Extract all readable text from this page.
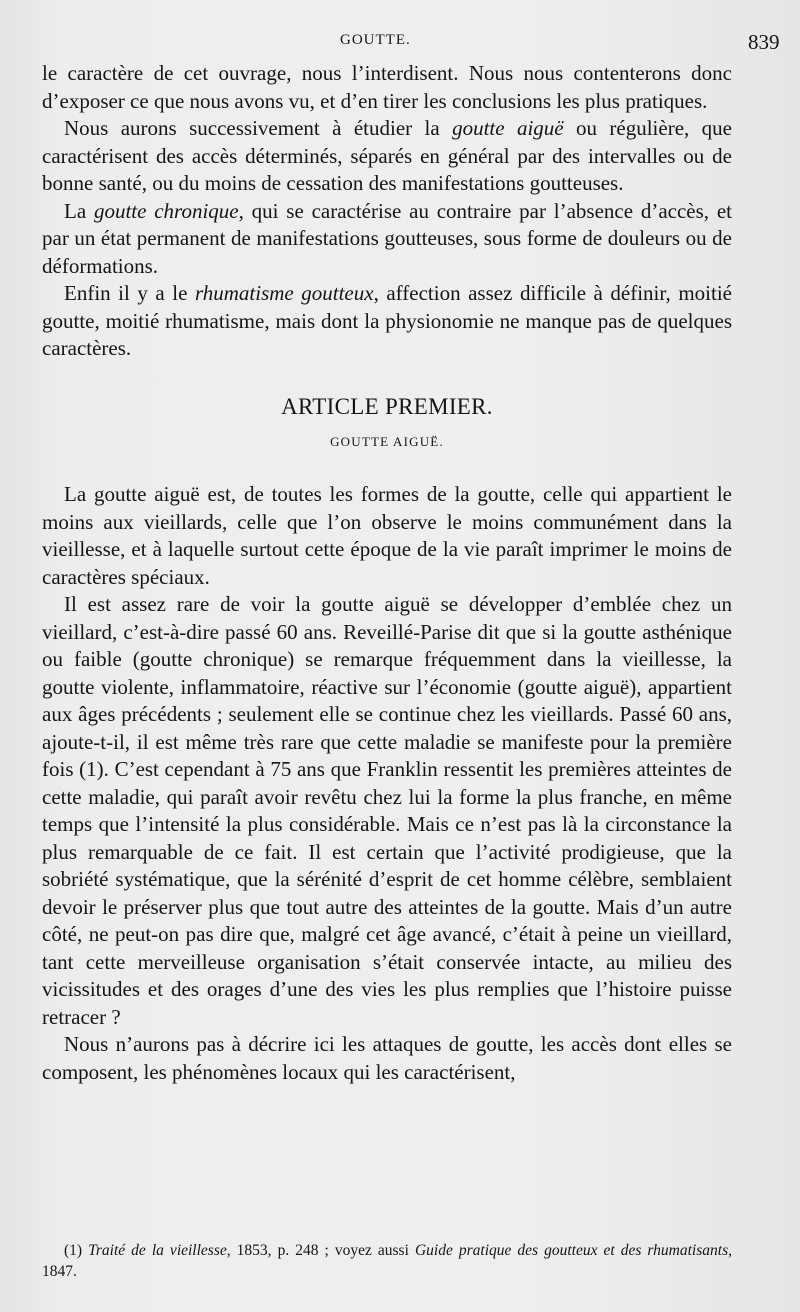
GOUTTE.	839

le caractère de cet ouvrage, nous l’interdisent. Nous nous contenterons donc d’exposer ce que nous avons vu, et d’en tirer les conclusions les plus pratiques.

Nous aurons successivement à étudier la goutte aiguë ou régulière, que caractérisent des accès déterminés, séparés en général par des intervalles ou de bonne santé, ou du moins de cessation des manifestations goutteuses.

La goutte chronique, qui se caractérise au contraire par l’absence d’accès, et par un état permanent de manifestations goutteuses, sous forme de douleurs ou de déformations.

Enfin il y a le rhumatisme goutteux, affection assez difficile à définir, moitié goutte, moitié rhumatisme, mais dont la physionomie ne manque pas de quelques caractères.

ARTICLE PREMIER.
GOUTTE AIGUË.

La goutte aiguë est, de toutes les formes de la goutte, celle qui appartient le moins aux vieillards, celle que l’on observe le moins communément dans la vieillesse, et à laquelle surtout cette époque de la vie paraît imprimer le moins de caractères spéciaux.

Il est assez rare de voir la goutte aiguë se développer d’emblée chez un vieillard, c’est-à-dire passé 60 ans. Reveillé-Parise dit que si la goutte asthénique ou faible (goutte chronique) se remarque fréquemment dans la vieillesse, la goutte violente, inflammatoire, réactive sur l’économie (goutte aiguë), appartient aux âges précédents ; seulement elle se continue chez les vieillards. Passé 60 ans, ajoute-t-il, il est même très rare que cette maladie se manifeste pour la première fois (1). C’est cependant à 75 ans que Franklin ressentit les premières atteintes de cette maladie, qui paraît avoir revêtu chez lui la forme la plus franche, en même temps que l’intensité la plus considérable. Mais ce n’est pas là la circonstance la plus remarquable de ce fait. Il est certain que l’activité prodigieuse, que la sobriété systématique, que la sérénité d’esprit de cet homme célèbre, semblaient devoir le préserver plus que tout autre des atteintes de la goutte. Mais d’un autre côté, ne peut-on pas dire que, malgré cet âge avancé, c’était à peine un vieillard, tant cette merveilleuse organisation s’était conservée intacte, au milieu des vicissitudes et des orages d’une des vies les plus remplies que l’histoire puisse retracer ?

Nous n’aurons pas à décrire ici les attaques de goutte, les accès dont elles se composent, les phénomènes locaux qui les caractérisent,

(1) Traité de la vieillesse, 1853, p. 248 ; voyez aussi Guide pratique des goutteux et des rhumatisants, 1847.
